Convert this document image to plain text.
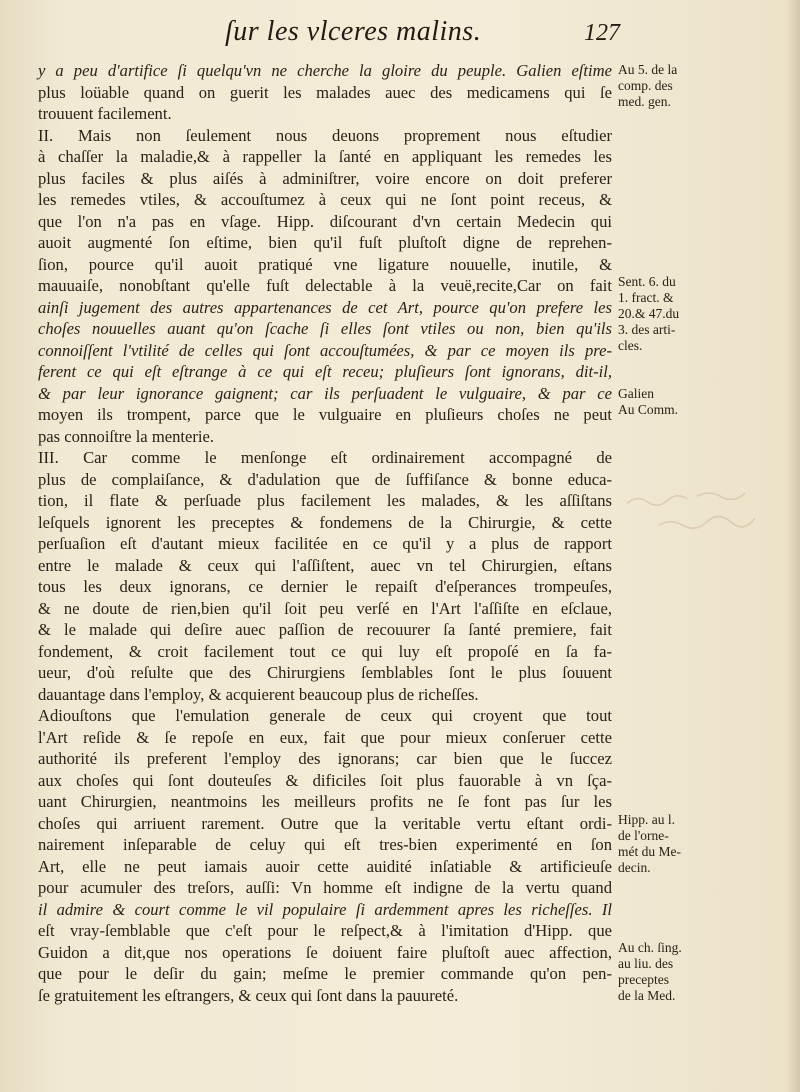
ſur les vlceres malins.	127
y a peu d'artifice ſi quelqu'vn ne cherche la gloire du peuple. Galien eſtime
plus loüable quand on guerit les malades auec des medicamens qui ſe
trouuent facilement.
II. Mais non ſeulement nous deuons proprement nous eſtudier
à chaſſer la maladie,& à rappeller la ſanté en appliquant les remedes les
plus faciles & plus aiſés à adminiſtrer, voire encore on doit preferer
les remedes vtiles, & accouſtumez à ceux qui ne ſont point receus, &
que l'on n'a pas en vſage. Hipp. diſcourant d'vn certain Medecin qui
auoit augmenté ſon eſtime, bien qu'il fuſt pluſtoſt digne de reprehen-
ſion, pource qu'il auoit pratiqué vne ligature nouuelle, inutile, &
mauuaiſe, nonobſtant qu'elle fuſt delectable à la veuë,recite,Car on fait
ainſi jugement des autres appartenances de cet Art, pource qu'on prefere les
choſes nouuelles auant qu'on ſcache ſi elles ſont vtiles ou non, bien qu'ils
connoiſſent l'vtilité de celles qui ſont accouſtumées, & par ce moyen ils pre-
ferent ce qui eſt eſtrange à ce qui eſt receu; pluſieurs ſont ignorans, dit-il,
& par leur ignorance gaignent; car ils perſuadent le vulguaire, & par ce
moyen ils trompent, parce que le vulguaire en pluſieurs choſes ne peut
pas connoiſtre la menterie.
III. Car comme le menſonge eſt ordinairement accompagné de
plus de complaiſance, & d'adulation que de ſuffiſance & bonne educa-
tion, il flate & perſuade plus facilement les malades, & les aſſiſtans
leſquels ignorent les preceptes & fondemens de la Chirurgie, & cette
perſuaſion eſt d'autant mieux facilitée en ce qu'il y a plus de rapport
entre le malade & ceux qui l'aſſiſtent, auec vn tel Chirurgien, eſtans
tous les deux ignorans, ce dernier le repaiſt d'eſperances trompeuſes,
& ne doute de rien,bien qu'il ſoit peu verſé en l'Art l'aſſiſte en eſclaue,
& le malade qui deſire auec paſſion de recouurer ſa ſanté premiere, fait
fondement, & croit facilement tout ce qui luy eſt propoſé en ſa fa-
ueur, d'où reſulte que des Chirurgiens ſemblables ſont le plus ſouuent
dauantage dans l'employ, & acquierent beaucoup plus de richeſſes.
Adiouſtons que l'emulation generale de ceux qui croyent que tout
l'Art reſide & ſe repoſe en eux, fait que pour mieux conſeruer cette
authorité ils preferent l'employ des ignorans; car bien que le ſuccez
aux choſes qui ſont douteuſes & dificiles ſoit plus fauorable à vn ſça-
uant Chirurgien, neantmoins les meilleurs profits ne ſe font pas ſur les
choſes qui arriuent rarement. Outre que la veritable vertu eſtant ordi-
nairement inſeparable de celuy qui eſt tres-bien experimenté en ſon
Art, elle ne peut iamais auoir cette auidité inſatiable & artificieuſe
pour acumuler des treſors, auſſi: Vn homme eſt indigne de la vertu quand
il admire & court comme le vil populaire ſi ardemment apres les richeſſes. Il
eſt vray-ſemblable que c'eſt pour le reſpect,& à l'imitation d'Hipp. que
Guidon a dit,que nos operations ſe doiuent faire pluſtoſt auec affection,
que pour le deſir du gain; meſme le premier commande qu'on pen-
ſe gratuitement les eſtrangers, & ceux qui ſont dans la pauureté.
Au 5. de la
comp. des
med. gen.
Sent. 6. du
1. fract. &
20.& 47.du
3. des arti-
cles.
Galien
Au Comm.
Hipp. au l.
de l'orne-
mét du Me-
decin.
Au ch. ſing.
au liu. des
preceptes
de la Med.
